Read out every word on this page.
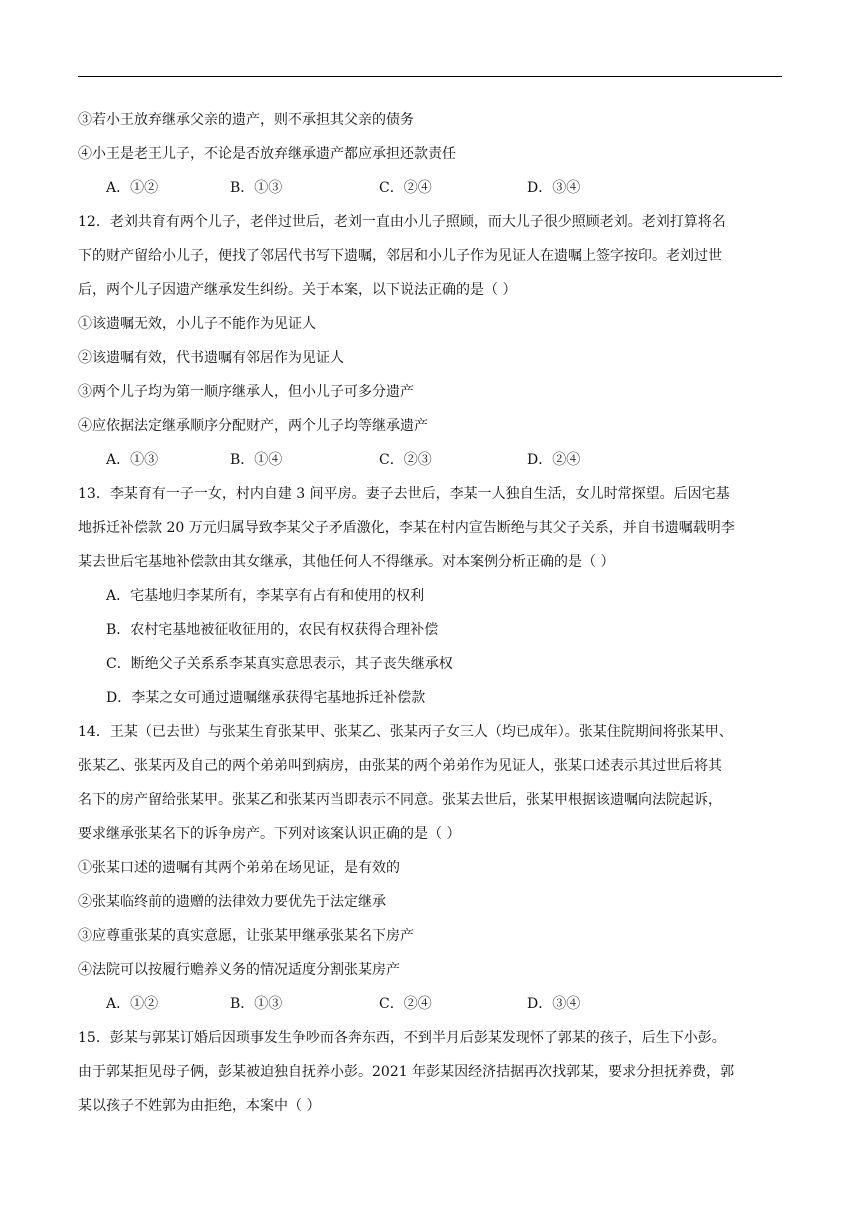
③若小王放弃继承父亲的遗产，则不承担其父亲的债务
④小王是老王儿子，不论是否放弃继承遗产都应承担还款责任
A．①②	B．①③	C．②④	D．③④
12．老刘共育有两个儿子，老伴过世后，老刘一直由小儿子照顾，而大儿子很少照顾老刘。老刘打算将名
下的财产留给小儿子，便找了邻居代书写下遗嘱，邻居和小儿子作为见证人在遗嘱上签字按印。老刘过世
后，两个儿子因遗产继承发生纠纷。关于本案，以下说法正确的是（ ）
①该遗嘱无效，小儿子不能作为见证人
②该遗嘱有效，代书遗嘱有邻居作为见证人
③两个儿子均为第一顺序继承人，但小儿子可多分遗产
④应依据法定继承顺序分配财产，两个儿子均等继承遗产
A．①③	B．①④	C．②③	D．②④
13．李某育有一子一女，村内自建 3 间平房。妻子去世后，李某一人独自生活，女儿时常探望。后因宅基
地拆迁补偿款 20 万元归属导致李某父子矛盾激化，李某在村内宣告断绝与其父子关系，并自书遗嘱载明李
某去世后宅基地补偿款由其女继承，其他任何人不得继承。对本案例分析正确的是（ ）
A．宅基地归李某所有，李某享有占有和使用的权利
B．农村宅基地被征收征用的，农民有权获得合理补偿
C．断绝父子关系系李某真实意思表示，其子丧失继承权
D．李某之女可通过遗嘱继承获得宅基地拆迁补偿款
14．王某（已去世）与张某生育张某甲、张某乙、张某丙子女三人（均已成年）。张某住院期间将张某甲、
张某乙、张某丙及自己的两个弟弟叫到病房，由张某的两个弟弟作为见证人，张某口述表示其过世后将其
名下的房产留给张某甲。张某乙和张某丙当即表示不同意。张某去世后，张某甲根据该遗嘱向法院起诉，
要求继承张某名下的诉争房产。下列对该案认识正确的是（ ）
①张某口述的遗嘱有其两个弟弟在场见证，是有效的
②张某临终前的遗赠的法律效力要优先于法定继承
③应尊重张某的真实意愿，让张某甲继承张某名下房产
④法院可以按履行赡养义务的情况适度分割张某房产
A．①②	B．①③	C．②④	D．③④
15．彭某与郭某订婚后因琐事发生争吵而各奔东西，不到半月后彭某发现怀了郭某的孩子，后生下小彭。
由于郭某拒见母子俩，彭某被迫独自抚养小彭。2021 年彭某因经济拮据再次找郭某，要求分担抚养费，郭
某以孩子不姓郭为由拒绝，本案中（ ）
